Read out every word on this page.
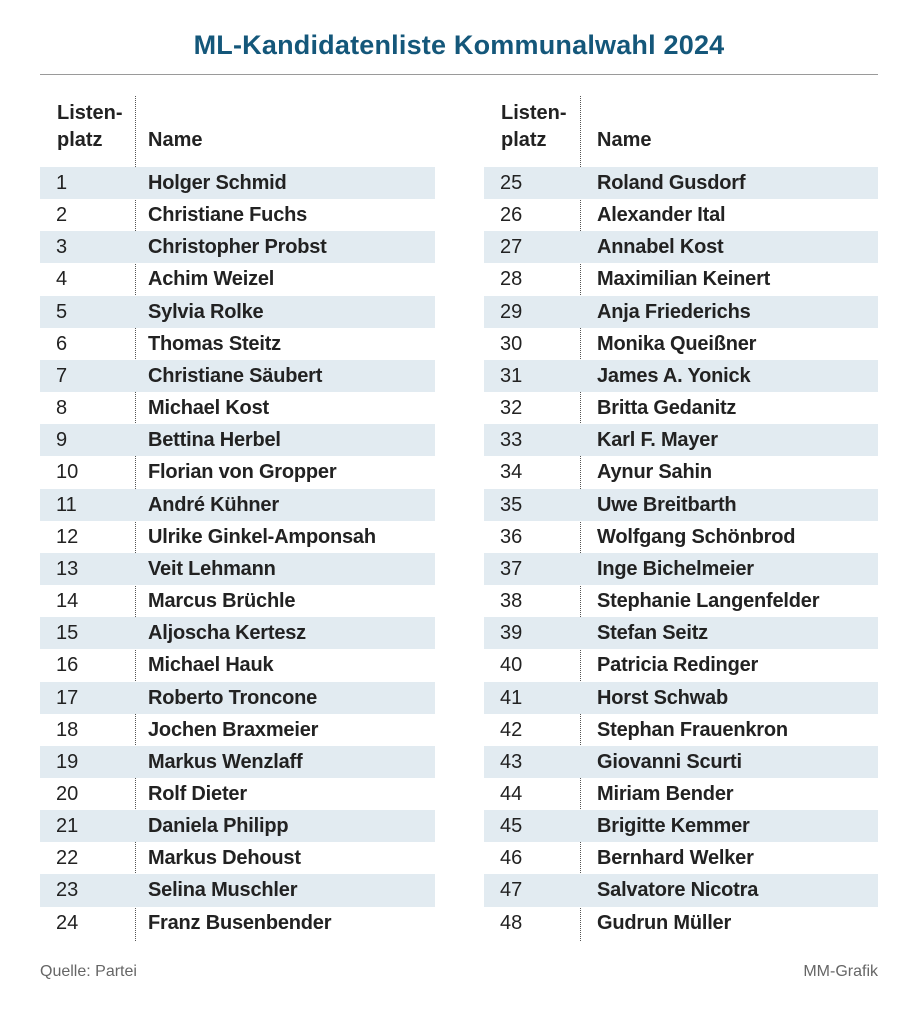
ML-Kandidatenliste Kommunalwahl 2024
Listen-
platz	Name
1	Holger Schmid
2	Christiane Fuchs
3	Christopher Probst
4	Achim Weizel
5	Sylvia Rolke
6	Thomas Steitz
7	Christiane Säubert
8	Michael Kost
9	Bettina Herbel
10	Florian von Gropper
11	André Kühner
12	Ulrike Ginkel-Amponsah
13	Veit Lehmann
14	Marcus Brüchle
15	Aljoscha Kertesz
16	Michael Hauk
17	Roberto Troncone
18	Jochen Braxmeier
19	Markus Wenzlaff
20	Rolf Dieter
21	Daniela Philipp
22	Markus Dehoust
23	Selina Muschler
24	Franz Busenbender
Listen-
platz	Name
25	Roland Gusdorf
26	Alexander Ital
27	Annabel Kost
28	Maximilian Keinert
29	Anja Friederichs
30	Monika Queißner
31	James A. Yonick
32	Britta Gedanitz
33	Karl F. Mayer
34	Aynur Sahin
35	Uwe Breitbarth
36	Wolfgang Schönbrod
37	Inge Bichelmeier
38	Stephanie Langenfelder
39	Stefan Seitz
40	Patricia Redinger
41	Horst Schwab
42	Stephan Frauenkron
43	Giovanni Scurti
44	Miriam Bender
45	Brigitte Kemmer
46	Bernhard Welker
47	Salvatore Nicotra
48	Gudrun Müller
Quelle: Partei	MM-Grafik
